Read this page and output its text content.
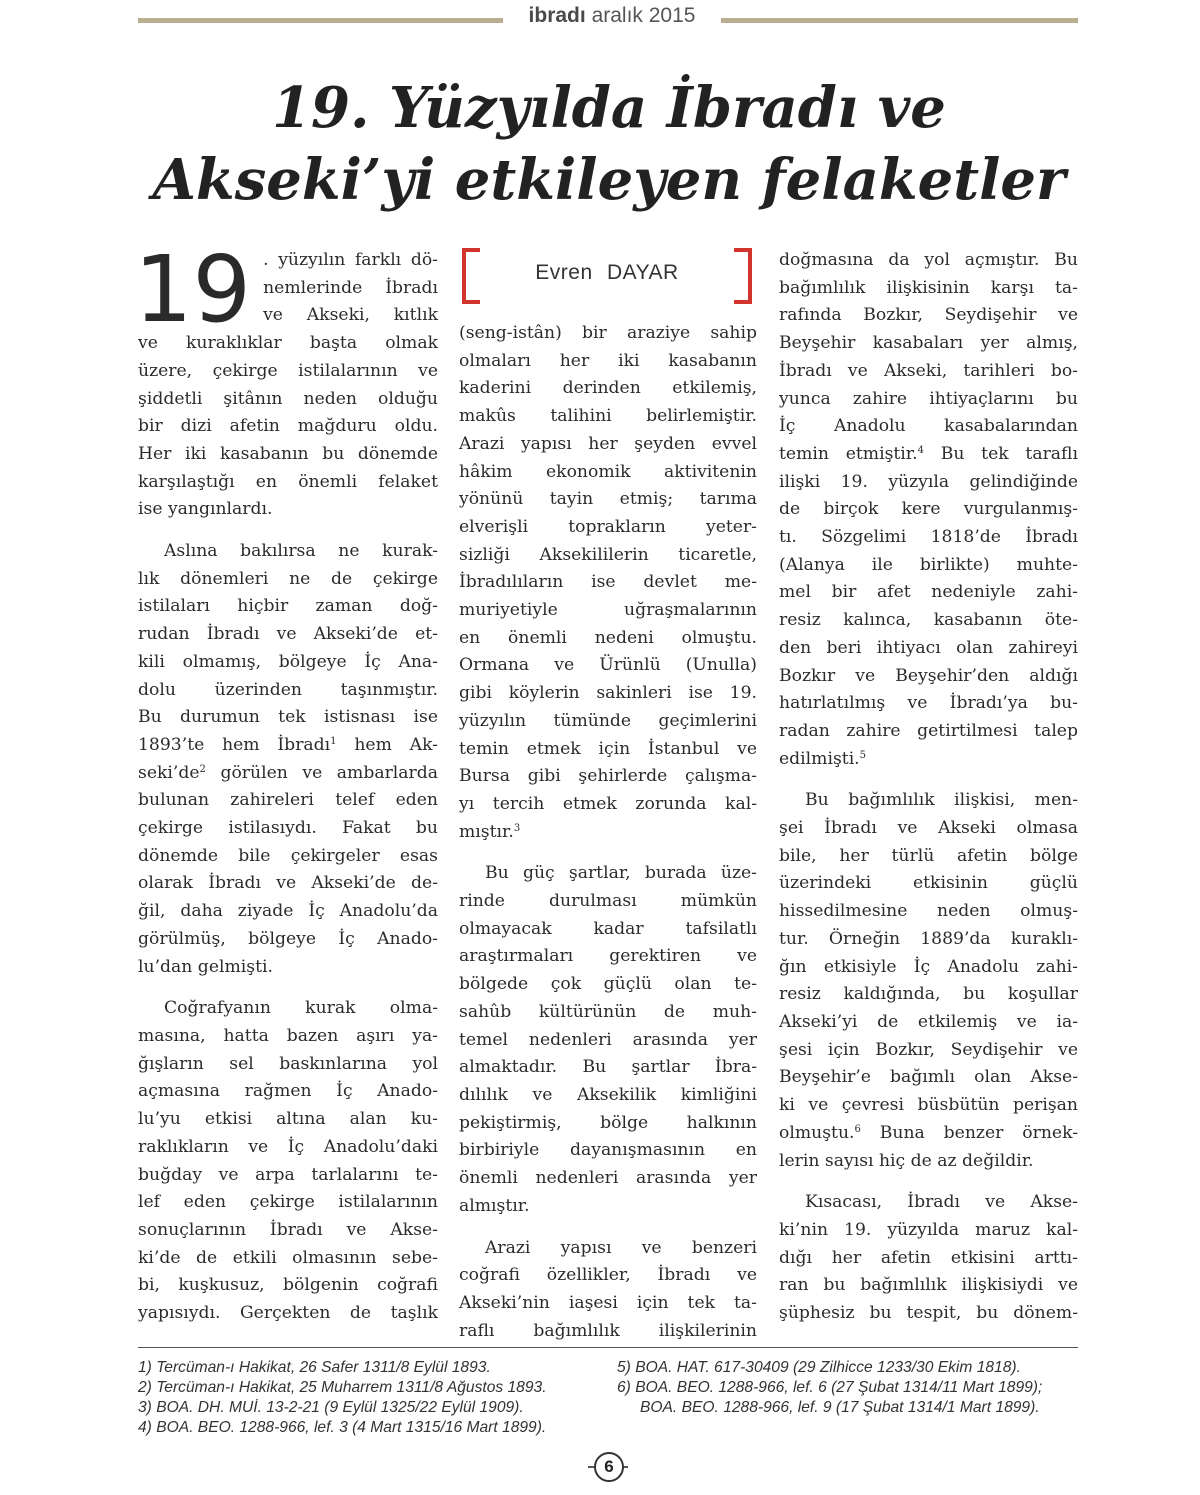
ibradı aralık 2015
19. Yüzyılda İbradı ve
Akseki’yi etkileyen felaketler
Evren DAYAR
19 . yüzyılın farklı dö-

nemlerinde İbradı

ve Akseki, kıtlık

ve kuraklıklar başta olmak

üzere, çekirge istilalarının ve

şiddetli şitânın neden olduğu

bir dizi afetin mağduru oldu.

Her iki kasabanın bu dönemde

karşılaştığı en önemli felaket

ise yangınlardı.

Aslına bakılırsa ne kurak-

lık dönemleri ne de çekirge

istilaları hiçbir zaman doğ-

rudan İbradı ve Akseki’de et-

kili olmamış, bölgeye İç Ana-

dolu üzerinden taşınmıştır.

Bu durumun tek istisnası ise

1893’te hem İbradı$^1$ hem Ak-

$seki’de^2$ görülen ve ambarlarda

bulunan zahireleri telef eden

çekirge istilasıydı. Fakat bu

dönemde bile çekirgeler esas

olarak İbradı ve Akseki’de de-

ğil, daha ziyade İç Anadolu’da

görülmüş, bölgeye İç Anado-

lu’dan gelmişti.

Coğrafyanın kurak olma-

masına, hatta bazen aşırı ya-

ğışların sel baskınlarına yol

açmasına rağmen İç Anado-

lu’yu etkisi altına alan ku-

raklıkların ve İç Anadolu’daki

buğday ve arpa tarlalarını te-

lef eden çekirge istilalarının

sonuçlarının İbradı ve Akse-

ki’de de etkili olmasının sebe-

bi, kuşkusuz, bölgenin coğrafi

yapısıydı. Gerçekten de taşlık

(seng-istân) bir araziye sahip

olmaları her iki kasabanın

kaderini derinden etkilemiş,

makûs talihini belirlemiştir.

Arazi yapısı her şeyden evvel

hâkim ekonomik aktivitenin

yönünü tayin etmiş; tarıma

elverişli toprakların yeter-

sizliği Aksekililerin ticaretle,

İbradılıların ise devlet me-

muriyetiyle uğraşmalarının

en önemli nedeni olmuştu.

Ormana ve Ürünlü (Unulla)

gibi köylerin sakinleri ise 19.

yüzyılın tümünde geçimlerini

temin etmek için İstanbul ve

Bursa gibi şehirlerde çalışma-

yı tercih etmek zorunda kal-

mıştır.$^3$

Bu güç şartlar, burada üze-

rinde durulması mümkün

olmayacak kadar tafsilatlı

araştırmaları gerektiren ve

bölgede çok güçlü olan te-

sahûb kültürünün de muh-

temel nedenleri arasında yer

almaktadır. Bu şartlar İbra-

dılılık ve Aksekilik kimliğini

pekiştirmiş, bölge halkının

birbiriyle dayanışmasının en

önemli nedenleri arasında yer

almıştır.

Arazi yapısı ve benzeri

coğrafi özellikler, İbradı ve

Akseki’nin iaşesi için tek ta-

raflı bağımlılık ilişkilerinin

doğmasına da yol açmıştır. Bu

bağımlılık ilişkisinin karşı ta-

rafında Bozkır, Seydişehir ve

Beyşehir kasabaları yer almış,

İbradı ve Akseki, tarihleri bo-

yunca zahire ihtiyaçlarını bu

İç Anadolu kasabalarından

temin etmiştir.$^4$ Bu tek taraflı

ilişki 19. yüzyıla gelindiğinde

de birçok kere vurgulanmış-

tı. Sözgelimi 1818’de İbradı

(Alanya ile birlikte) muhte-

mel bir afet nedeniyle zahi-

resiz kalınca, kasabanın öte-

den beri ihtiyacı olan zahireyi

Bozkır ve Beyşehir’den aldığı

hatırlatılmış ve İbradı’ya bu-

radan zahire getirtilmesi talep

edilmişti.$^5$

Bu bağımlılık ilişkisi, men-

şei İbradı ve Akseki olmasa

bile, her türlü afetin bölge

üzerindeki etkisinin güçlü

hissedilmesine neden olmuş-

tur. Örneğin 1889’da kuraklı-

ğın etkisiyle İç Anadolu zahi-

resiz kaldığında, bu koşullar

Akseki’yi de etkilemiş ve ia-

şesi için Bozkır, Seydişehir ve

Beyşehir’e bağımlı olan Akse-

ki ve çevresi büsbütün perişan

olmuştu.$^6$ Buna benzer örnek-

lerin sayısı hiç de az değildir.

Kısacası, İbradı ve Akse-

ki’nin 19. yüzyılda maruz kal-

dığı her afetin etkisini arttı-

ran bu bağımlılık ilişkisiydi ve

şüphesiz bu tespit, bu dönem-

1) Tercüman-ı Hakikat, 26 Safer 1311/8 Eylül 1893.
2) Tercüman-ı Hakikat, 25 Muharrem 1311/8 Ağustos 1893.
3) BOA. DH. MUİ. 13-2-21 (9 Eylül 1325/22 Eylül 1909).
4) BOA. BEO. 1288-966, lef. 3 (4 Mart 1315/16 Mart 1899).
5) BOA. HAT. 617-30409 (29 Zilhicce 1233/30 Ekim 1818).
6) BOA. BEO. 1288-966, lef. 6 (27 Şubat 1314/11 Mart 1899);
BOA. BEO. 1288-966, lef. 9 (17 Şubat 1314/1 Mart 1899).
6
